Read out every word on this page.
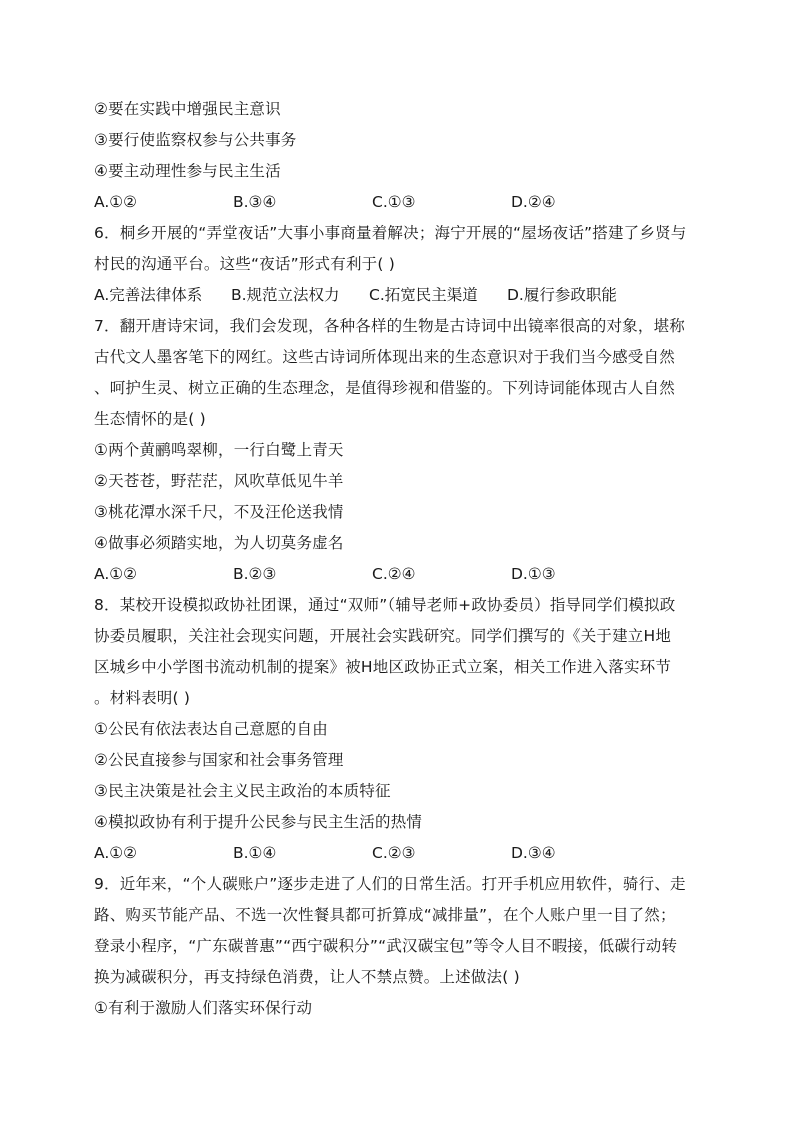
②要在实践中增强民主意识
③要行使监察权参与公共事务
④要主动理性参与民主生活
A.①②	B.③④	C.①③	D.②④
6．桐乡开展的“弄堂夜话”大事小事商量着解决；海宁开展的“屋场夜话”搭建了乡贤与
村民的沟通平台。这些“夜话”形式有利于( )
A.完善法律体系	B.规范立法权力	C.拓宽民主渠道	D.履行参政职能
7．翻开唐诗宋词，我们会发现，各种各样的生物是古诗词中出镜率很高的对象，堪称
古代文人墨客笔下的网红。这些古诗词所体现出来的生态意识对于我们当今感受自然
、呵护生灵、树立正确的生态理念，是值得珍视和借鉴的。下列诗词能体现古人自然
生态情怀的是( )
①两个黄鹂鸣翠柳，一行白鹭上青天
②天苍苍，野茫茫，风吹草低见牛羊
③桃花潭水深千尺，不及汪伦送我情
④做事必须踏实地，为人切莫务虚名
A.①②	B.②③	C.②④	D.①③
8．某校开设模拟政协社团课，通过“双师”（辅导老师+政协委员）指导同学们模拟政
协委员履职，关注社会现实问题，开展社会实践研究。同学们撰写的《关于建立H地
区城乡中小学图书流动机制的提案》被H地区政协正式立案，相关工作进入落实环节
。材料表明( )
①公民有依法表达自己意愿的自由
②公民直接参与国家和社会事务管理
③民主决策是社会主义民主政治的本质特征
④模拟政协有利于提升公民参与民主生活的热情
A.①②	B.①④	C.②③	D.③④
9．近年来，“个人碳账户”逐步走进了人们的日常生活。打开手机应用软件，骑行、走
路、购买节能产品、不选一次性餐具都可折算成“减排量”，在个人账户里一目了然；
登录小程序，“广东碳普惠”“西宁碳积分”“武汉碳宝包”等令人目不暇接，低碳行动转
换为减碳积分，再支持绿色消费，让人不禁点赞。上述做法( )
①有利于激励人们落实环保行动
